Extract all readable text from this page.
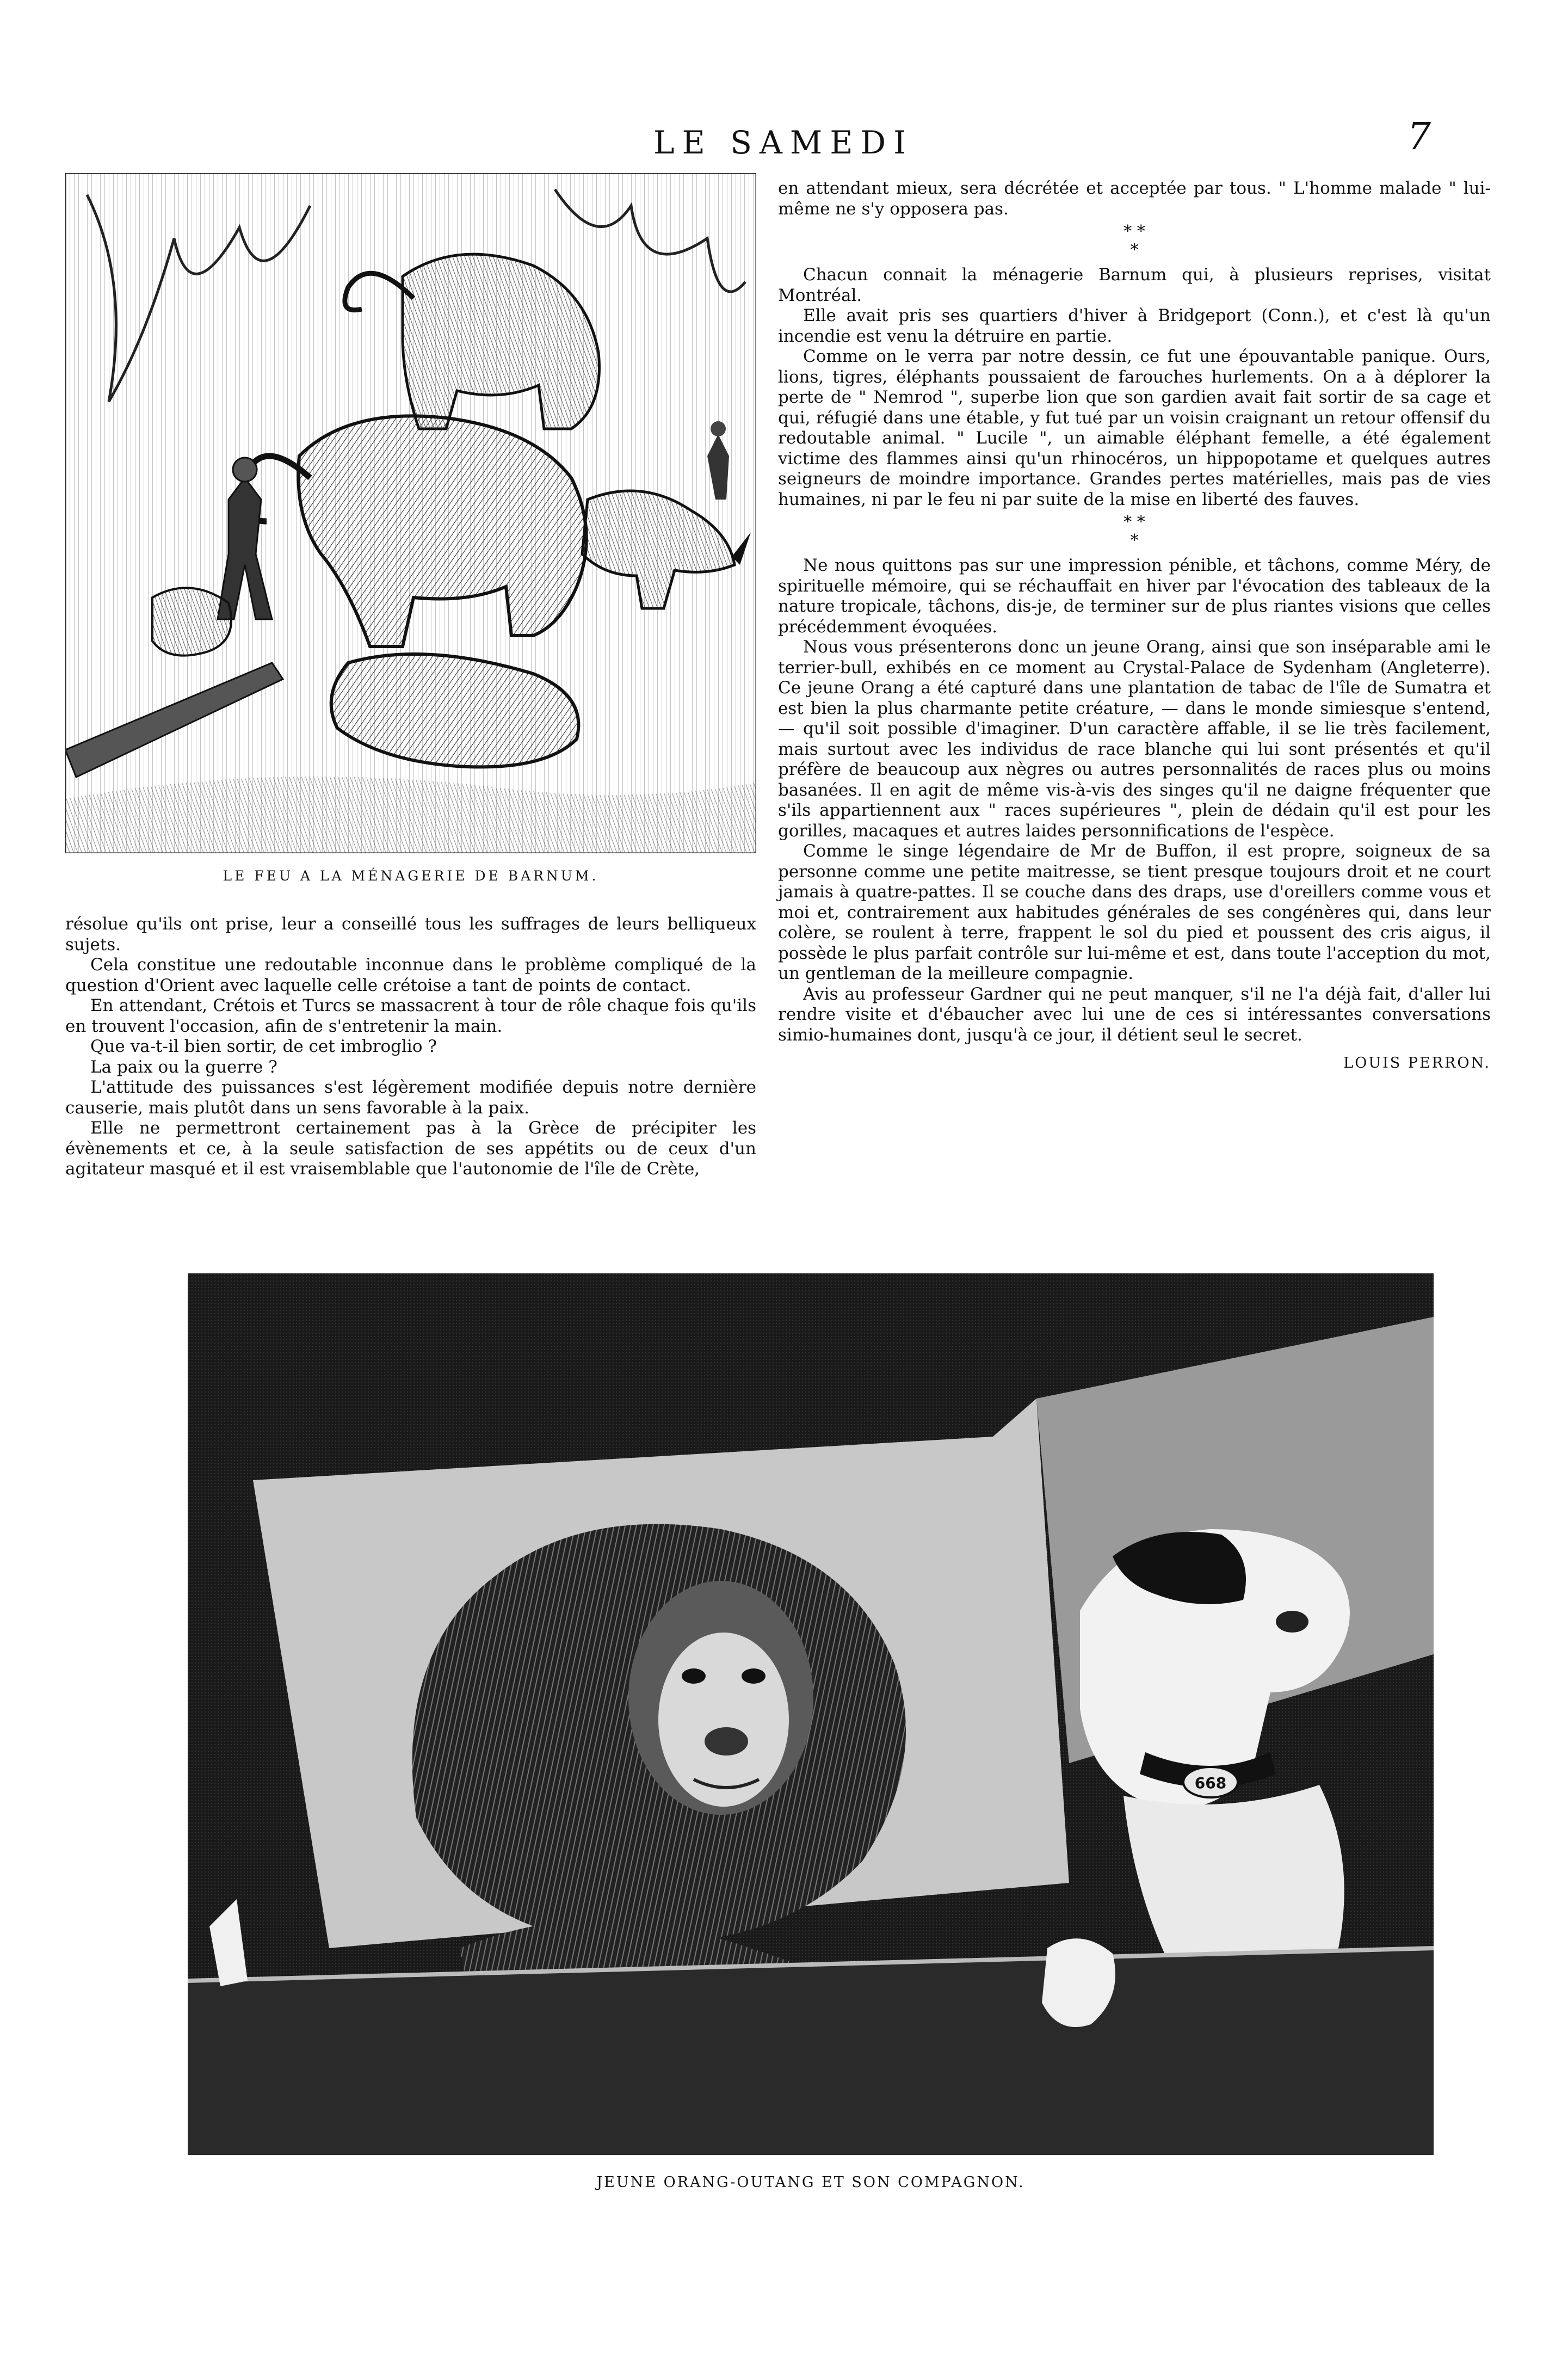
LE SAMEDI	7
LE FEU A LA MÉNAGERIE DE BARNUM.

résolue qu'ils ont prise, leur a conseillé tous les suffrages de leurs belliqueux sujets.

Cela constitue une redoutable inconnue dans le problème compliqué de la question d'Orient avec laquelle celle crétoise a tant de points de contact.

En attendant, Crétois et Turcs se massacrent à tour de rôle chaque fois qu'ils en trouvent l'occasion, afin de s'entretenir la main.

Que va-t-il bien sortir, de cet imbroglio ?

La paix ou la guerre ?

L'attitude des puissances s'est légèrement modifiée depuis notre dernière causerie, mais plutôt dans un sens favorable à la paix.

Elle ne permettront certainement pas à la Grèce de précipiter les évènements et ce, à la seule satisfaction de ses appétits ou de ceux d'un agitateur masqué et il est vraisemblable que l'autonomie de l'île de Crète,

en attendant mieux, sera décrétée et acceptée par tous. " L'homme malade " lui-même ne s'y opposera pas.

* *
*

Chacun connait la ménagerie Barnum qui, à plusieurs reprises, visitat Montréal.

Elle avait pris ses quartiers d'hiver à Bridgeport (Conn.), et c'est là qu'un incendie est venu la détruire en partie.

Comme on le verra par notre dessin, ce fut une épouvantable panique. Ours, lions, tigres, éléphants poussaient de farouches hurlements. On a à déplorer la perte de " Nemrod ", superbe lion que son gardien avait fait sortir de sa cage et qui, réfugié dans une étable, y fut tué par un voisin craignant un retour offensif du redoutable animal. " Lucile ", un aimable éléphant femelle, a été également victime des flammes ainsi qu'un rhinocéros, un hippopotame et quelques autres seigneurs de moindre importance. Grandes pertes matérielles, mais pas de vies humaines, ni par le feu ni par suite de la mise en liberté des fauves.

* *
*

Ne nous quittons pas sur une impression pénible, et tâchons, comme Méry, de spirituelle mémoire, qui se réchauffait en hiver par l'évocation des tableaux de la nature tropicale, tâchons, dis-je, de terminer sur de plus riantes visions que celles précédemment évoquées.

Nous vous présenterons donc un jeune Orang, ainsi que son inséparable ami le terrier-bull, exhibés en ce moment au Crystal-Palace de Sydenham (Angleterre). Ce jeune Orang a été capturé dans une plantation de tabac de l'île de Sumatra et est bien la plus charmante petite créature, — dans le monde simiesque s'entend, — qu'il soit possible d'imaginer. D'un caractère affable, il se lie très facilement, mais surtout avec les individus de race blanche qui lui sont présentés et qu'il préfère de beaucoup aux nègres ou autres personnalités de races plus ou moins basanées. Il en agit de même vis-à-vis des singes qu'il ne daigne fréquenter que s'ils appartiennent aux " races supérieures ", plein de dédain qu'il est pour les gorilles, macaques et autres laides personnifications de l'espèce.

Comme le singe légendaire de Mr de Buffon, il est propre, soigneux de sa personne comme une petite maitresse, se tient presque toujours droit et ne court jamais à quatre-pattes. Il se couche dans des draps, use d'oreillers comme vous et moi et, contrairement aux habitudes générales de ses congénères qui, dans leur colère, se roulent à terre, frappent le sol du pied et poussent des cris aigus, il possède le plus parfait contrôle sur lui-même et est, dans toute l'acception du mot, un gentleman de la meilleure compagnie.

Avis au professeur Gardner qui ne peut manquer, s'il ne l'a déjà fait, d'aller lui rendre visite et d'ébaucher avec lui une de ces si intéressantes conversations simio-humaines dont, jusqu'à ce jour, il détient seul le secret.

LOUIS PERRON.
668
JEUNE ORANG-OUTANG ET SON COMPAGNON.
